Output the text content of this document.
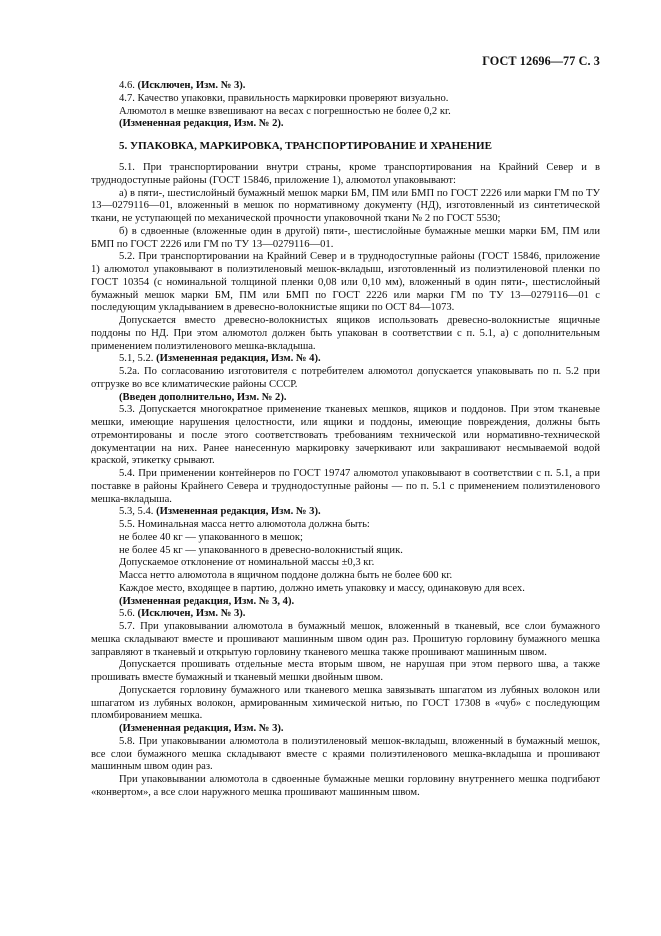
ГОСТ 12696—77 С. 3

4.6. (Исключен, Изм. № 3).

4.7. Качество упаковки, правильность маркировки проверяют визуально.

Алюмотол в мешке взвешивают на весах с погрешностью не более 0,2 кг.

(Измененная редакция, Изм. № 2).

5. УПАКОВКА, МАРКИРОВКА, ТРАНСПОРТИРОВАНИЕ И ХРАНЕНИЕ

5.1. При транспортировании внутри страны, кроме транспортирования на Крайний Север и в труднодоступные районы (ГОСТ 15846, приложение 1), алюмотол упаковывают:

а) в пяти-, шестислойный бумажный мешок марки БМ, ПМ или БМП по ГОСТ 2226 или марки ГМ по ТУ 13—0279116—01, вложенный в мешок по нормативному документу (НД), изготовленный из синтетической ткани, не уступающей по механической прочности упаковочной ткани № 2 по ГОСТ 5530;

б) в сдвоенные (вложенные один в другой) пяти-, шестислойные бумажные мешки марки БМ, ПМ или БМП по ГОСТ 2226 или ГМ по ТУ 13—0279116—01.

5.2. При транспортировании на Крайний Север и в труднодоступные районы (ГОСТ 15846, приложение 1) алюмотол упаковывают в полиэтиленовый мешок-вкладыш, изготовленный из полиэтиленовой пленки по ГОСТ 10354 (с номинальной толщиной пленки 0,08 или 0,10 мм), вложенный в один пяти-, шестислойный бумажный мешок марки БМ, ПМ или БМП по ГОСТ 2226 или марки ГМ по ТУ 13—0279116—01 с последующим укладыванием в древесно-волокнистые ящики по ОСТ 84—1073.

Допускается вместо древесно-волокнистых ящиков использовать древесно-волокнистые ящичные поддоны по НД. При этом алюмотол должен быть упакован в соответствии с п. 5.1, а) с дополнительным применением полиэтиленового мешка-вкладыша.

5.1, 5.2. (Измененная редакция, Изм. № 4).

5.2а. По согласованию изготовителя с потребителем алюмотол допускается упаковывать по п. 5.2 при отгрузке во все климатические районы СССР.

(Введен дополнительно, Изм. № 2).

5.3. Допускается многократное применение тканевых мешков, ящиков и поддонов. При этом тканевые мешки, имеющие нарушения целостности, или ящики и поддоны, имеющие повреждения, должны быть отремонтированы и после этого соответствовать требованиям технической или нормативно-технической документации на них. Ранее нанесенную маркировку зачеркивают или закрашивают несмываемой водой краской, этикетку срывают.

5.4. При применении контейнеров по ГОСТ 19747 алюмотол упаковывают в соответствии с п. 5.1, а при поставке в районы Крайнего Севера и труднодоступные районы — по п. 5.1 с применением полиэтиленового мешка-вкладыша.

5.3, 5.4. (Измененная редакция, Изм. № 3).

5.5. Номинальная масса нетто алюмотола должна быть:

не более 40 кг — упакованного в мешок;

не более 45 кг — упакованного в древесно-волокнистый ящик.

Допускаемое отклонение от номинальной массы ±0,3 кг.

Масса нетто алюмотола в ящичном поддоне должна быть не более 600 кг.

Каждое место, входящее в партию, должно иметь упаковку и массу, одинаковую для всех.

(Измененная редакция, Изм. № 3, 4).

5.6. (Исключен, Изм. № 3).

5.7. При упаковывании алюмотола в бумажный мешок, вложенный в тканевый, все слои бумажного мешка складывают вместе и прошивают машинным швом один раз. Прошитую горловину бумажного мешка заправляют в тканевый и открытую горловину тканевого мешка также прошивают машинным швом.

Допускается прошивать отдельные места вторым швом, не нарушая при этом первого шва, а также прошивать вместе бумажный и тканевый мешки двойным швом.

Допускается горловину бумажного или тканевого мешка завязывать шпагатом из лубяных волокон или шпагатом из лубяных волокон, армированным химической нитью, по ГОСТ 17308 в «чуб» с последующим пломбированием мешка.

(Измененная редакция, Изм. № 3).

5.8. При упаковывании алюмотола в полиэтиленовый мешок-вкладыш, вложенный в бумажный мешок, все слои бумажного мешка складывают вместе с краями полиэтиленового мешка-вкладыша и прошивают машинным швом один раз.

При упаковывании алюмотола в сдвоенные бумажные мешки горловину внутреннего мешка подгибают «конвертом», а все слои наружного мешка прошивают машинным швом.
